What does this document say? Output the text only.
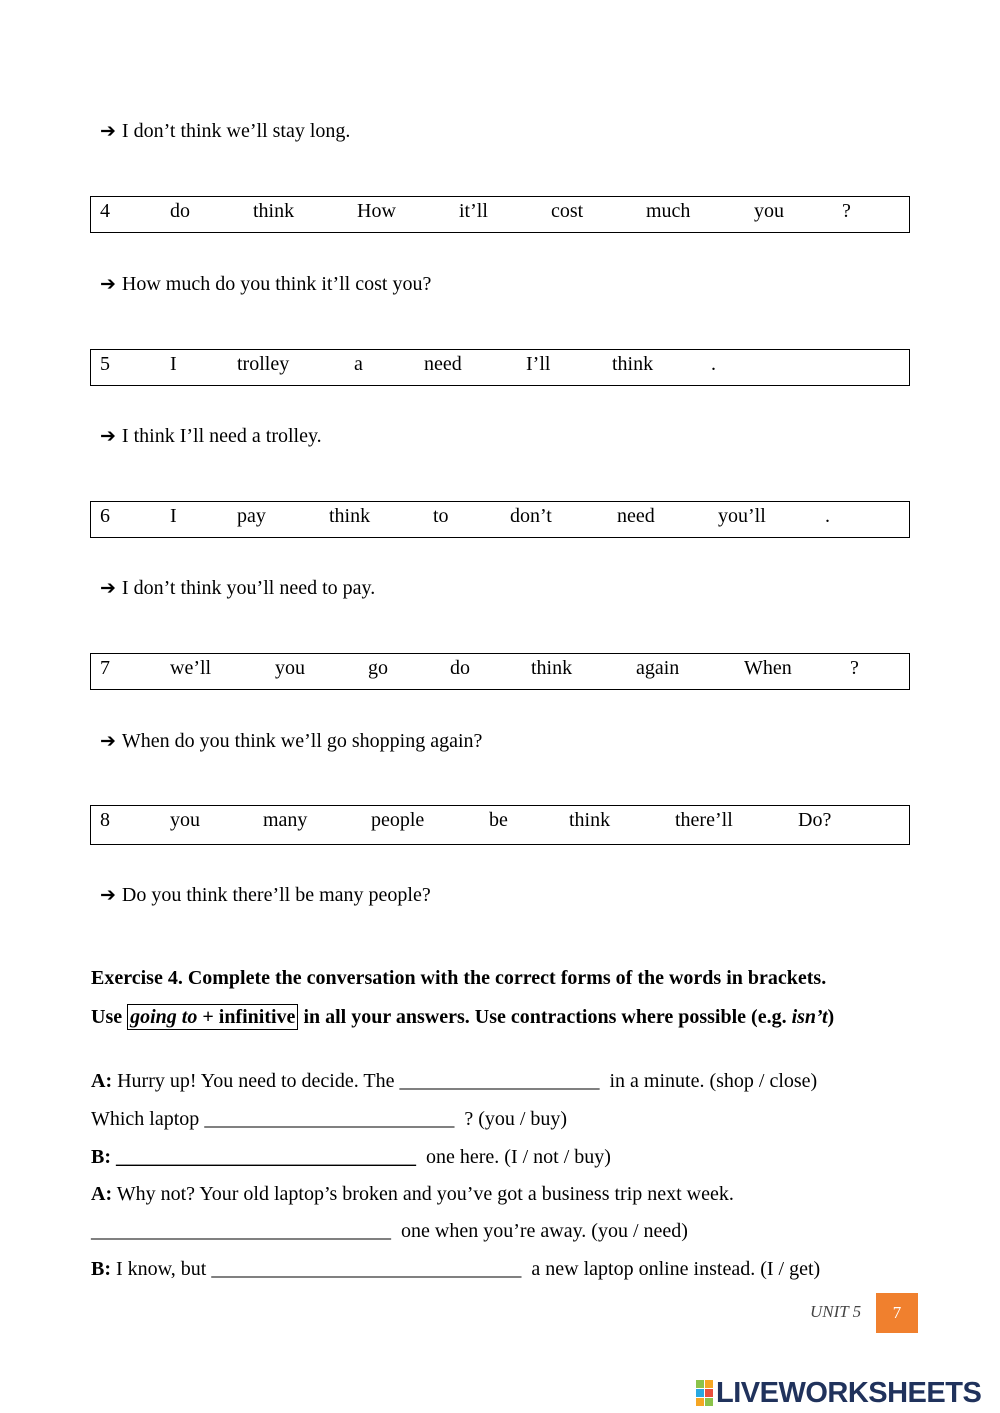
➔ I don’t think we’ll stay long.
4	do	think	How	it’ll	cost	much	you	?
➔ How much do you think it’ll cost you?
5	I	trolley	a	need	I’ll	think	.
➔ I think I’ll need a trolley.
6	I	pay	think	to	don’t	need	you’ll	.
➔ I don’t think you’ll need to pay.
7	we’ll	you	go	do	think	again	When	?
➔ When do you think we’ll go shopping again?
8	you	many	people	be	think	there’ll	Do?
➔ Do you think there’ll be many people?
Exercise 4. Complete the conversation with the correct forms of the words in brackets.
Use going to + infinitive in all your answers. Use contractions where possible (e.g. isn’t)
A: Hurry up! You need to decide. The ____________________ in a minute. (shop / close)
Which laptop _________________________ ? (you / buy)
B: ______________________________ one here. (I / not / buy)
A: Why not? Your old laptop’s broken and you’ve got a business trip next week.
______________________________ one when you’re away. (you / need)
B: I know, but _______________________________ a new laptop online instead. (I / get)
UNIT 5	7
LIVEWORKSHEETS
